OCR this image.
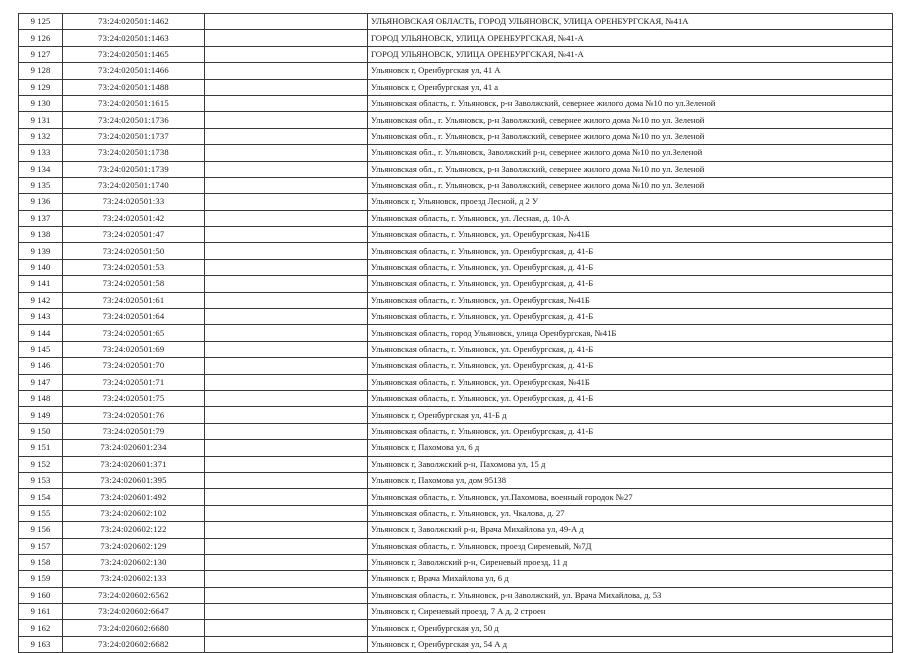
9 125	73:24:020501:1462		УЛЬЯНОВСКАЯ ОБЛАСТЬ, ГОРОД УЛЬЯНОВСК, УЛИЦА ОРЕНБУРГСКАЯ, №41А
9 126	73:24:020501:1463		ГОРОД УЛЬЯНОВСК, УЛИЦА ОРЕНБУРГСКАЯ, №41-А
9 127	73:24:020501:1465		ГОРОД УЛЬЯНОВСК, УЛИЦА ОРЕНБУРГСКАЯ, №41-А
9 128	73:24:020501:1466		Ульяновск г, Оренбургская ул, 41 А
9 129	73:24:020501:1488		Ульяновск г, Оренбургская ул, 41 а
9 130	73:24:020501:1615		Ульяновская область, г. Ульяновск, р-н Заволжский, севернее жилого дома №10 по ул.Зеленой
9 131	73:24:020501:1736		Ульяновская обл., г. Ульяновск, р-н Заволжский, севернее жилого дома №10 по ул. Зеленой
9 132	73:24:020501:1737		Ульяновская обл., г. Ульяновск, р-н Заволжский, севернее жилого дома №10 по ул. Зеленой
9 133	73:24:020501:1738		Ульяновская обл., г. Ульяновск, Заволжский р-н, севернее жилого дома №10 по ул.Зеленой
9 134	73:24:020501:1739		Ульяновская обл., г. Ульяновск, р-н Заволжский, севернее жилого дома №10 по ул. Зеленой
9 135	73:24:020501:1740		Ульяновская обл., г. Ульяновск, р-н Заволжский, севернее жилого дома №10 по ул. Зеленой
9 136	73:24:020501:33		Ульяновск г, Ульяновск, проезд Лесной, д 2 У
9 137	73:24:020501:42		Ульяновская область, г. Ульяновск, ул. Лесная, д. 10-А
9 138	73:24:020501:47		Ульяновская область, г. Ульяновск, ул. Оренбургская, №41Б
9 139	73:24:020501:50		Ульяновская область, г. Ульяновск, ул. Оренбургская, д. 41-Б
9 140	73:24:020501:53		Ульяновская область, г. Ульяновск, ул. Оренбургская, д. 41-Б
9 141	73:24:020501:58		Ульяновская область, г. Ульяновск, ул. Оренбургская, д. 41-Б
9 142	73:24:020501:61		Ульяновская область, г. Ульяновск, ул. Оренбургская, №41Б
9 143	73:24:020501:64		Ульяновская область, г. Ульяновск, ул. Оренбургская, д. 41-Б
9 144	73:24:020501:65		Ульяновская область, город Ульяновск, улица Оренбургская, №41Б
9 145	73:24:020501:69		Ульяновская область, г. Ульяновск, ул. Оренбургская, д. 41-Б
9 146	73:24:020501:70		Ульяновская область, г. Ульяновск, ул. Оренбургская, д. 41-Б
9 147	73:24:020501:71		Ульяновская область, г. Ульяновск, ул. Оренбургская, №41Б
9 148	73:24:020501:75		Ульяновская область, г. Ульяновск, ул. Оренбургская, д. 41-Б
9 149	73:24:020501:76		Ульяновск г, Оренбургская ул, 41-Б д
9 150	73:24:020501:79		Ульяновская область, г. Ульяновск, ул. Оренбургская, д. 41-Б
9 151	73:24:020601:234		Ульяновск г, Пахомова ул, 6 д
9 152	73:24:020601:371		Ульяновск г, Заволжский р-н, Пахомова ул, 15 д
9 153	73:24:020601:395		Ульяновск г, Пахомова ул, дом 95138
9 154	73:24:020601:492		Ульяновская область, г. Ульяновск, ул.Пахомова, военный городок №27
9 155	73:24:020602:102		Ульяновская область, г. Ульяновск, ул. Чкалова, д. 27
9 156	73:24:020602:122		Ульяновск г, Заволжский р-н, Врача Михайлова ул, 49-А д
9 157	73:24:020602:129		Ульяновская область, г. Ульяновск, проезд Сиреневый, №7Д
9 158	73:24:020602:130		Ульяновск г, Заволжский р-н, Сиреневый проезд, 11 д
9 159	73:24:020602:133		Ульяновск г, Врача Михайлова ул, 6 д
9 160	73:24:020602:6562		Ульяновская область, г. Ульяновск, р-н Заволжский, ул. Врача Михайлова, д. 53
9 161	73:24:020602:6647		Ульяновск г, Сиреневый проезд, 7 А д, 2 строен
9 162	73:24:020602:6680		Ульяновск г, Оренбургская ул, 50 д
9 163	73:24:020602:6682		Ульяновск г, Оренбургская ул, 54 А д
